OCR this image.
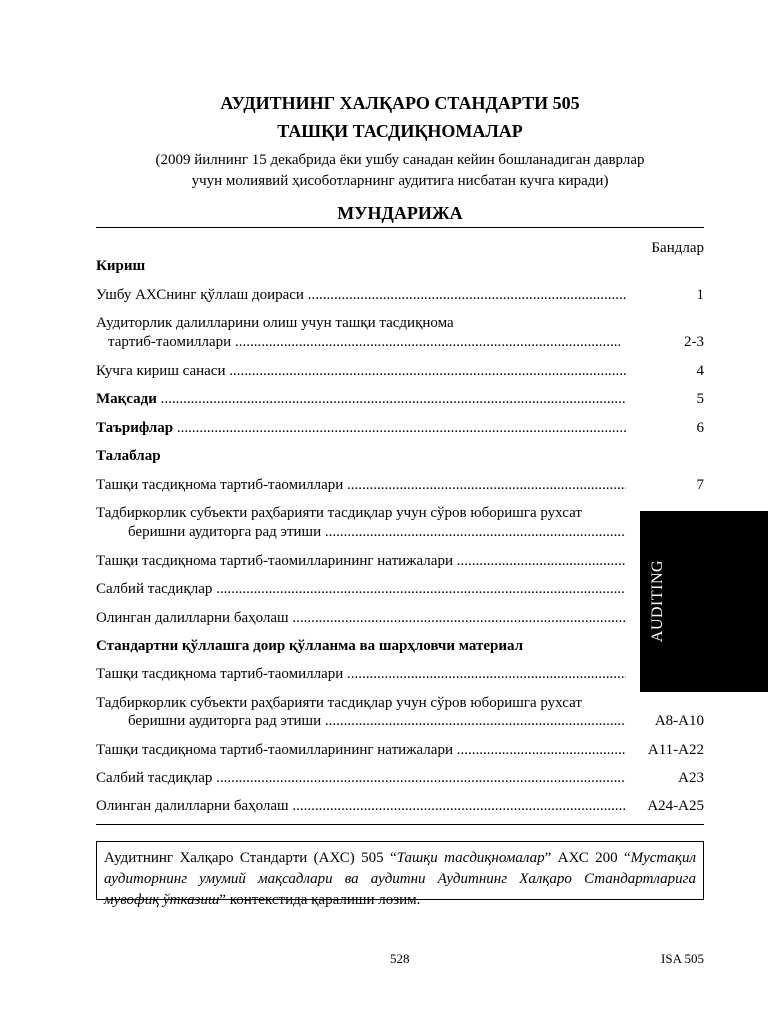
АУДИТНИНГ ХАЛҚАРО СТАНДАРТИ 505
ТАШҚИ ТАСДИҚНОМАЛАР
(2009 йилнинг 15 декабрида ёки ушбу санадан кейин бошланадиган даврлар
учун молиявий ҳисоботларнинг аудитига нисбатан кучга киради)
МУНДАРИЖА
Бандлар
Кириш
Ушбу АХСнинг қўллаш доираси .....	1
Аудиторлик далилларини олиш учун ташқи тасдиқнома
тартиб-таомиллари .....	2-3
Кучга кириш санаси .....	4
Мақсади .....	5
Таърифлар .....	6
Талаблар
Ташқи тасдиқнома тартиб-таомиллари .....	7
Тадбиркорлик субъекти раҳбарияти тасдиқлар учун сўров юборишга рухсат
беришни аудиторга рад этиши .....
Ташқи тасдиқнома тартиб-таомилларининг натижалари .....
Салбий тасдиқлар .....
Олинган далилларни баҳолаш .....
Стандартни қўллашга доир қўлланма ва шарҳловчи материал
Ташқи тасдиқнома тартиб-таомиллари .....
AUDITING
Тадбиркорлик субъекти раҳбарияти тасдиқлар учун сўров юборишга рухсат
беришни аудиторга рад этиши .....	А8-А10
Ташқи тасдиқнома тартиб-таомилларининг натижалари .....	А11-А22
Салбий тасдиқлар .....	А23
Олинган далилларни баҳолаш .....	А24-А25
Аудитнинг Халқаро Стандарти (АХС) 505 “Ташқи тасдиқномалар” АХС 200 “Мустақил аудиторнинг умумий мақсадлари ва аудитни Аудитнинг Халқаро Стандартларига мувофиқ ўтказиш” контекстида қаралиши лозим.
528	ISA 505
